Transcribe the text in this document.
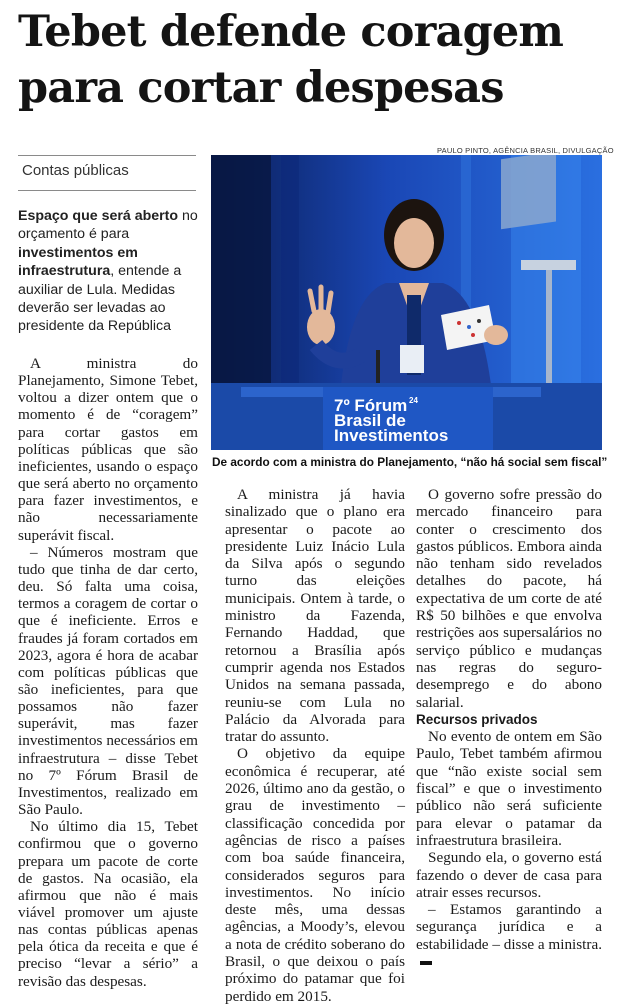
Tebet defende coragem
para cortar despesas
Contas públicas
Espaço que será aberto no orçamento é para investimentos em infraestrutura, entende a auxiliar de Lula. Medidas deverão ser levadas ao presidente da República
PAULO PINTO, AGÊNCIA BRASIL, DIVULGAÇÃO
7º Fórum 24
Brasil de
Investimentos
De acordo com a ministra do Planejamento, “não há social sem fiscal”

A ministra do Planejamento, Simone Tebet, voltou a dizer ontem que o momento é de “coragem” para cortar gastos em políticas públicas que são ineficientes, usando o espaço que será aberto no orçamento para fazer investimentos, e não necessariamente superávit fiscal.

– Números mostram que tudo que tinha de dar certo, deu. Só falta uma coisa, termos a coragem de cortar o que é ineficiente. Erros e fraudes já foram cortados em 2023, agora é hora de acabar com políticas públicas que são ineficientes, para que possamos não fazer superávit, mas fazer investimentos necessários em infraestrutura – disse Tebet no 7º Fórum Brasil de Investimentos, realizado em São Paulo.

No último dia 15, Tebet confirmou que o governo prepara um pacote de corte de gastos. Na ocasião, ela afirmou que não é mais viável promover um ajuste nas contas públicas apenas pela ótica da receita e que é preciso “levar a sério” a revisão das despesas.

A ministra já havia sinalizado que o plano era apresentar o pacote ao presidente Luiz Inácio Lula da Silva após o segundo turno das eleições municipais. Ontem à tarde, o ministro da Fazenda, Fernando Haddad, que retornou a Brasília após cumprir agenda nos Estados Unidos na semana passada, reuniu-se com Lula no Palácio da Alvorada para tratar do assunto.

O objetivo da equipe econômica é recuperar, até 2026, último ano da gestão, o grau de investimento – classificação concedida por agências de risco a países com boa saúde financeira, considerados seguros para investimentos. No início deste mês, uma dessas agências, a Moody’s, elevou a nota de crédito soberano do Brasil, o que deixou o país próximo do patamar que foi perdido em 2015.

O governo sofre pressão do mercado financeiro para conter o crescimento dos gastos públicos. Embora ainda não tenham sido revelados detalhes do pacote, há expectativa de um corte de até R$ 50 bilhões e que envolva restrições aos supersalários no serviço público e mudanças nas regras do seguro-desemprego e do abono salarial.

Recursos privados

No evento de ontem em São Paulo, Tebet também afirmou que “não existe social sem fiscal” e que o investimento público não será suficiente para elevar o patamar da infraestrutura brasileira.

Segundo ela, o governo está fazendo o dever de casa para atrair esses recursos.

– Estamos garantindo a segurança jurídica e a estabilidade – disse a ministra.
